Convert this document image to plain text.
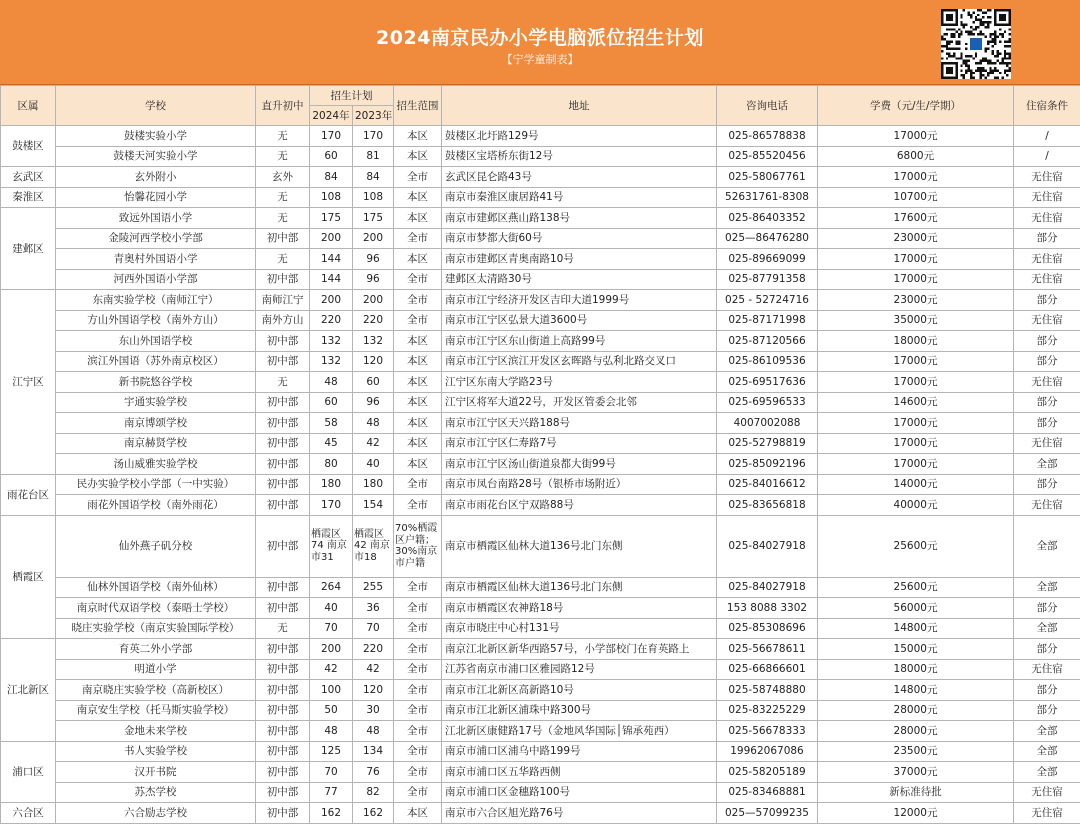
2024南京民办小学电脑派位招生计划
【宁学童制表】
区属	学校	直升初中	招生计划		招生范围	地址	咨询电话	学费（元/生/学期）	住宿条件
			2024年	2023年					
鼓楼区	鼓楼实验小学	无	170	170	本区	鼓楼区北圩路129号	025-86578838	17000元	/
	鼓楼天河实验小学	无	60	81	本区	鼓楼区宝塔桥东街12号	025-85520456	6800元	/
玄武区	玄外附小	玄外	84	84	全市	玄武区昆仑路43号	025-58067761	17000元	无住宿
秦淮区	怡馨花园小学	无	108	108	本区	南京市秦淮区康居路41号	52631761-8308	10700元	无住宿
建邺区	致远外国语小学	无	175	175	本区	南京市建邺区燕山路138号	025-86403352	17600元	无住宿
	金陵河西学校小学部	初中部	200	200	全市	南京市梦都大街60号	025—86476280	23000元	部分
	青奥村外国语小学	无	144	96	本区	南京市建邺区青奥南路10号	025-89669099	17000元	无住宿
	河西外国语小学部	初中部	144	96	全市	建邺区太清路30号	025-87791358	17000元	无住宿
江宁区	东南实验学校（南师江宁）	南师江宁	200	200	全市	南京市江宁经济开发区吉印大道1999号	025 - 52724716	23000元	部分
	方山外国语学校（南外方山）	南外方山	220	220	全市	南京市江宁区弘景大道3600号	025-87171998	35000元	无住宿
	东山外国语学校	初中部	132	132	本区	南京市江宁区东山街道上高路99号	025-87120566	18000元	部分
	滨江外国语（苏外南京校区）	初中部	132	120	本区	南京市江宁区滨江开发区玄晖路与弘利北路交叉口	025-86109536	17000元	部分
	新书院悠谷学校	无	48	60	本区	江宁区东南大学路23号	025-69517636	17000元	无住宿
	宇通实验学校	初中部	60	96	本区	江宁区将军大道22号，开发区管委会北邻	025-69596533	14600元	部分
	南京博颂学校	初中部	58	48	本区	南京市江宁区天兴路188号	4007002088	17000元	部分
	南京赫贤学校	初中部	45	42	本区	南京市江宁区仁寿路7号	025-52798819	17000元	无住宿
	汤山威雅实验学校	初中部	80	40	本区	南京市江宁区汤山街道泉都大街99号	025-85092196	17000元	全部
雨花台区	民办实验学校小学部（一中实验）	初中部	180	180	全市	南京市凤台南路28号（银桥市场附近）	025-84016612	14000元	部分
	雨花外国语学校（南外雨花）	初中部	170	154	全市	南京市雨花台区宁双路88号	025-83656818	40000元	无住宿
栖霞区	仙外燕子矶分校	初中部	栖霞区74 南京市31	栖霞区42 南京市18	70%栖霞区户籍；30%南京市户籍	南京市栖霞区仙林大道136号北门东侧	025-84027918	25600元	全部
	仙林外国语学校（南外仙林）	初中部	264	255	全市	南京市栖霞区仙林大道136号北门东侧	025-84027918	25600元	全部
	南京时代双语学校（泰晤士学校）	初中部	40	36	全市	南京市栖霞区农神路18号	153 8088 3302	56000元	部分
	晓庄实验学校（南京实验国际学校）	无	70	70	全市	南京市晓庄中心村131号	025-85308696	14800元	全部
江北新区	育英二外小学部	初中部	200	220	全市	南京江北新区新华西路57号，小学部校门在育英路上	025-56678611	15000元	部分
	明道小学	初中部	42	42	全市	江苏省南京市浦口区雅园路12号	025-66866601	18000元	无住宿
	南京晓庄实验学校（高新校区）	初中部	100	120	全市	南京市江北新区高新路10号	025-58748880	14800元	部分
	南京安生学校（托马斯实验学校）	初中部	50	30	全市	南京市江北新区浦珠中路300号	025-83225229	28000元	部分
	金地未来学校	初中部	48	48	全市	江北新区康健路17号（金地风华国际│锦承苑西）	025-56678333	28000元	全部
浦口区	书人实验学校	初中部	125	134	全市	南京市浦口区浦乌中路199号	19962067086	23500元	全部
	汉开书院	初中部	70	76	全市	南京市浦口区五华路西侧	025-58205189	37000元	全部
	苏杰学校	初中部	77	82	全市	南京市浦口区金穗路100号	025-83468881	新标准待批	无住宿
六合区	六合励志学校	初中部	162	162	本区	南京市六合区旭光路76号	025—57099235	12000元	无住宿
